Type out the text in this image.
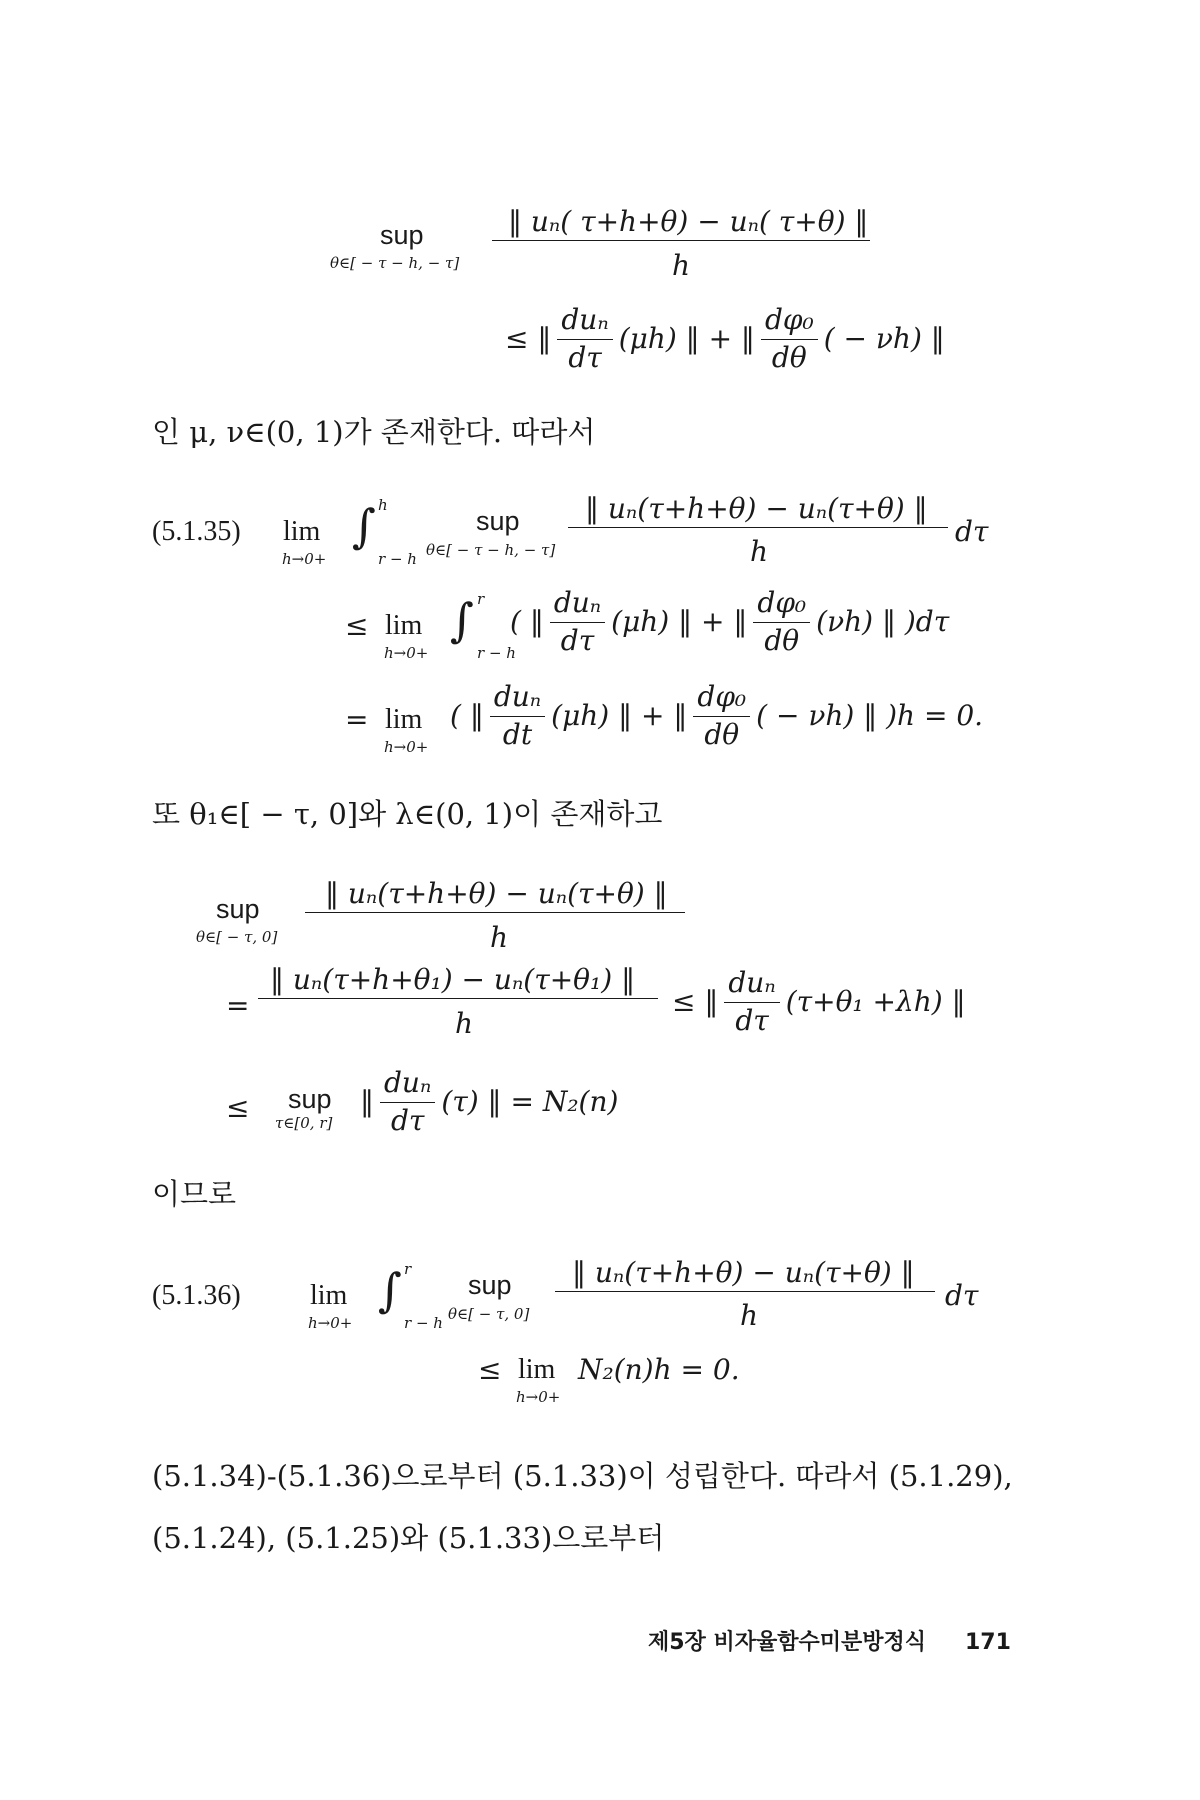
sup
θ∈[ − τ − h, − τ]
‖ uₙ( τ+h+θ) − uₙ( τ+θ) ‖
h
≤ ‖ $\frac{\text{duₙ}}{d\tau} (\mu h)$ ‖ + ‖ $\frac{\text{dφ₀}}{d\theta}$ ( − νh) ‖
인 μ, ν∈(0, 1)가 존재한다. 따라서
(5.1.35) lim
h→0+
∫ h
r − h
sup
θ∈[ − τ − h, − τ]
‖ uₙ(τ+h+θ) − uₙ(τ+θ) ‖
h
dτ
≤ lim
h→0+
∫ r
r − h
( ‖ $\frac{\text{duₙ}}{d\tau} (\mu h)$ ‖ + ‖ $\frac{\text{dφ₀}}{d\theta} (\nu h)$ ‖ )dτ
= lim
h→0+
( ‖ $\frac{\text{duₙ}}{dt} (\mu h)$ ‖ + ‖ $\frac{\text{dφ₀}}{d\theta}$ ( − νh) ‖ )h = 0.
또 θ₁∈[ − τ, 0]와 λ∈(0, 1)이 존재하고
sup
θ∈[ − τ, 0]
‖ uₙ(τ+h+θ) − uₙ(τ+θ) ‖
h
=
‖ uₙ(τ+h+θ₁) − uₙ(τ+θ₁) ‖
h
≤ ‖ $\frac{\text{duₙ}}{d\tau} (\tau+\theta_1 +\lambda h)$ ‖
≤ sup
τ∈[0, r]
‖ $\frac{\text{duₙ}}{d\tau} (\tau)$ ‖ = N₂(n)
이므로
(5.1.36) lim
h→0+
∫ r
r − h
sup
θ∈[ − τ, 0]
‖ uₙ(τ+h+θ) − uₙ(τ+θ) ‖
h
dτ
≤ lim
h→0+
N₂(n)h = 0.
(5.1.34)-(5.1.36)으로부터 (5.1.33)이 성립한다. 따라서 (5.1.29),
(5.1.24), (5.1.25)와 (5.1.33)으로부터
제5장 비자율함수미분방정식 171
